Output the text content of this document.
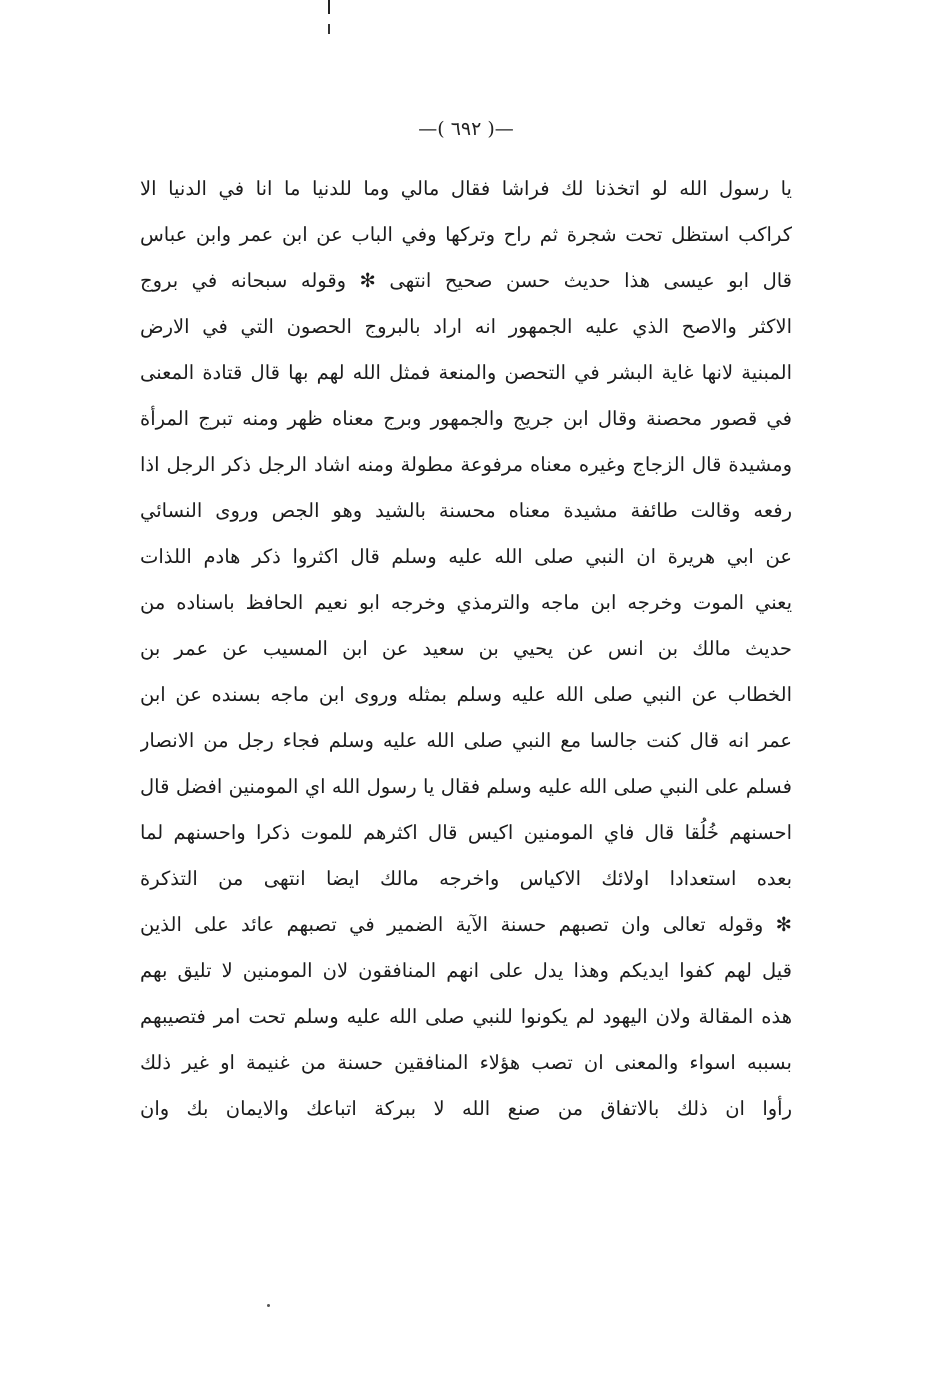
—( ٦٩٢ )—
يا رسول الله لو اتخذنا لك فراشا فقال مالي وما للدنيا ما انا في الدنيا الا
كراكب استظل تحت شجرة ثم راح وتركها وفي الباب عن ابن عمر وابن عباس
قال ابو عيسى هذا حديث حسن صحيح انتهى ✻ وقوله سبحانه في بروج
الاكثر والاصح الذي عليه الجمهور انه اراد بالبروج الحصون التي في الارض
المبنية لانها غاية البشر في التحصن والمنعة فمثل الله لهم بها قال قتادة المعنى
في قصور محصنة وقال ابن جريج والجمهور وبرج معناه ظهر ومنه تبرج المرأة
ومشيدة قال الزجاج وغيره معناه مرفوعة مطولة ومنه اشاد الرجل ذكر الرجل اذا
رفعه وقالت طائفة مشيدة معناه محسنة بالشيد وهو الجص وروى النسائي
عن ابي هريرة ان النبي صلى الله عليه وسلم قال اكثروا ذكر هادم اللذات
يعني الموت وخرجه ابن ماجه والترمذي وخرجه ابو نعيم الحافظ باسناده من
حديث مالك بن انس عن يحيي بن سعيد عن ابن المسيب عن عمر بن
الخطاب عن النبي صلى الله عليه وسلم بمثله وروى ابن ماجه بسنده عن ابن
عمر انه قال كنت جالسا مع النبي صلى الله عليه وسلم فجاء رجل من الانصار
فسلم على النبي صلى الله عليه وسلم فقال يا رسول الله اي المومنين افضل قال
احسنهم خُلُقا قال فاي المومنين اكيس قال اكثرهم للموت ذكرا واحسنهم لما
بعده استعدادا اولائك الاكياس واخرجه مالك ايضا انتهى من التذكرة
✻ وقوله تعالى وان تصبهم حسنة الآية الضمير في تصبهم عائد على الذين
قيل لهم كفوا ايديكم وهذا يدل على انهم المنافقون لان المومنين لا تليق بهم
هذه المقالة ولان اليهود لم يكونوا للنبي صلى الله عليه وسلم تحت امر فتصيبهم
بسببه اسواء والمعنى ان تصب هؤلاء المنافقين حسنة من غنيمة او غير ذلك
رأوا ان ذلك بالاتفاق من صنع الله لا ببركة اتباعك والايمان بك وان
